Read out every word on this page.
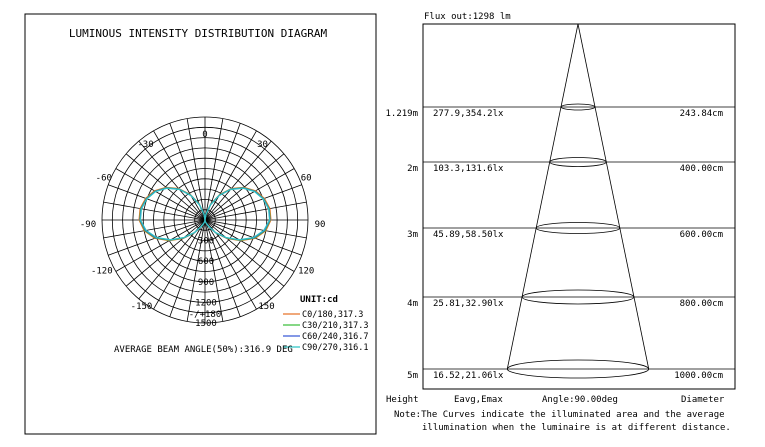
LUMINOUS INTENSITY DISTRIBUTION DIAGRAM
-/+180
150
120
90
60
30
0
-30
-60
-90
-120
-150
0
300
600
900
1200
1500
UNIT:cd
C0/180,317.3
C30/210,317.3
C60/240,316.7
C90/270,316.1
AVERAGE BEAM ANGLE(50%):316.9 DEG
Flux out:1298 lm
1.219m 277.9,354.2lx	243.84cm
2m 103.3,131.6lx	400.00cm
3m 45.89,58.50lx	600.00cm
4m 25.81,32.90lx	800.00cm
5m 16.52,21.06lx	1000.00cm
Height	Eavg,Emax	Angle:90.00deg	Diameter
Note:The Curves indicate the illuminated area and the average
illumination when the luminaire is at different distance.
